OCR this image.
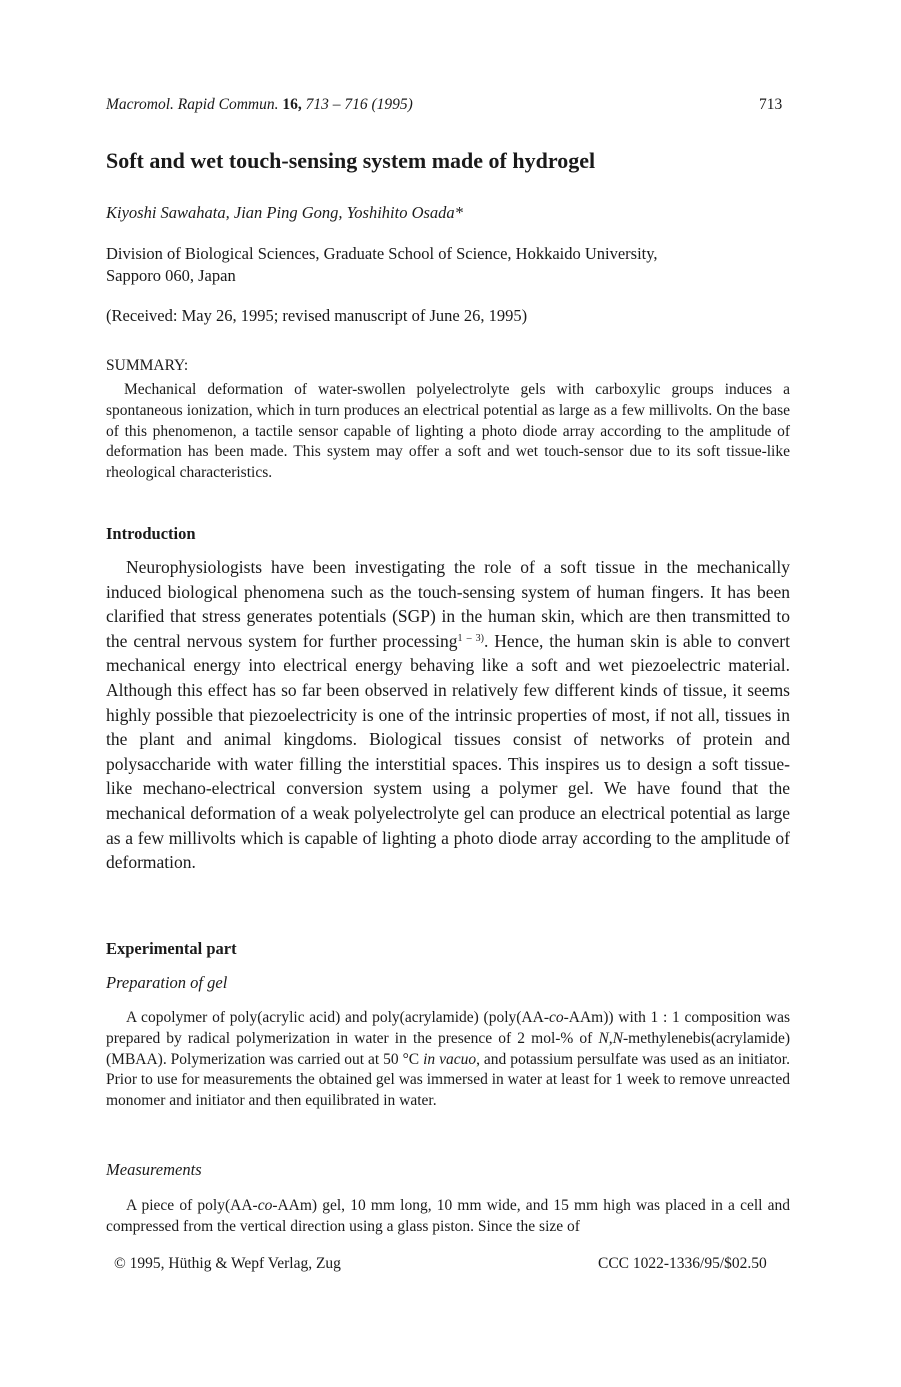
Macromol. Rapid Commun. 16, 713 – 716 (1995)	713
Soft and wet touch-sensing system made of hydrogel
Kiyoshi Sawahata, Jian Ping Gong, Yoshihito Osada*
Division of Biological Sciences, Graduate School of Science, Hokkaido University,
Sapporo 060, Japan
(Received: May 26, 1995; revised manuscript of June 26, 1995)
SUMMARY:

Mechanical deformation of water-swollen polyelectrolyte gels with carboxylic groups induces a spontaneous ionization, which in turn produces an electrical potential as large as a few millivolts. On the base of this phenomenon, a tactile sensor capable of lighting a photo diode array according to the amplitude of deformation has been made. This system may offer a soft and wet touch-sensor due to its soft tissue-like rheological characteristics.

Introduction

Neurophysiologists have been investigating the role of a soft tissue in the mechanically induced biological phenomena such as the touch-sensing system of human fingers. It has been clarified that stress generates potentials (SGP) in the human skin, which are then transmitted to the central nervous system for further processing$^{1 - 3)}$. Hence, the human skin is able to convert mechanical energy into electrical energy behaving like a soft and wet piezoelectric material. Although this effect has so far been observed in relatively few different kinds of tissue, it seems highly possible that piezoelectricity is one of the intrinsic properties of most, if not all, tissues in the plant and animal kingdoms. Biological tissues consist of networks of protein and polysaccharide with water filling the interstitial spaces. This inspires us to design a soft tissue-like mechano-electrical conversion system using a polymer gel. We have found that the mechanical deformation of a weak polyelectrolyte gel can produce an electrical potential as large as a few millivolts which is capable of lighting a photo diode array according to the amplitude of deformation.

Experimental part
Preparation of gel

A copolymer of poly(acrylic acid) and poly(acrylamide) (poly(AA-co-AAm)) with 1 : 1 composition was prepared by radical polymerization in water in the presence of 2 mol-% of N,N-methylenebis(acrylamide) (MBAA). Polymerization was carried out at 50 °C in vacuo, and potassium persulfate was used as an initiator. Prior to use for measurements the obtained gel was immersed in water at least for 1 week to remove unreacted monomer and initiator and then equilibrated in water.

Measurements

A piece of poly(AA-co-AAm) gel, 10 mm long, 10 mm wide, and 15 mm high was placed in a cell and compressed from the vertical direction using a glass piston. Since the size of

© 1995, Hüthig & Wepf Verlag, Zug	CCC 1022-1336/95/$02.50
